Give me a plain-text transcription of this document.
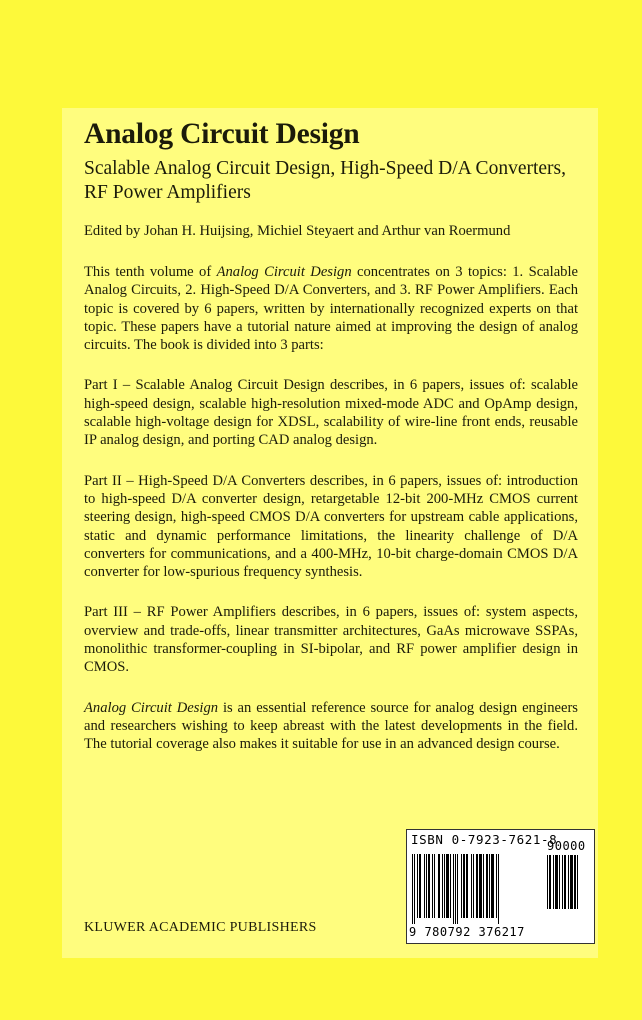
Analog Circuit Design

Scalable Analog Circuit Design, High-Speed D/A Converters, RF Power Amplifiers

Edited by Johan H. Huijsing, Michiel Steyaert and Arthur van Roermund

This tenth volume of Analog Circuit Design concentrates on 3 topics: 1. Scalable Analog Circuits, 2. High-Speed D/A Converters, and 3. RF Power Amplifiers. Each topic is covered by 6 papers, written by internationally recognized experts on that topic. These papers have a tutorial nature aimed at improving the design of analog circuits. The book is divided into 3 parts:

Part I – Scalable Analog Circuit Design describes, in 6 papers, issues of: scalable high-speed design, scalable high-resolution mixed-mode ADC and OpAmp design, scalable high-voltage design for XDSL, scalability of wire-line front ends, reusable IP analog design, and porting CAD analog design.

Part II – High-Speed D/A Converters describes, in 6 papers, issues of: introduction to high-speed D/A converter design, retargetable 12-bit 200-MHz CMOS current steering design, high-speed CMOS D/A converters for upstream cable applications, static and dynamic performance limitations, the linearity challenge of D/A converters for communications, and a 400-MHz, 10-bit charge-domain CMOS D/A converter for low-spurious frequency synthesis.

Part III – RF Power Amplifiers describes, in 6 papers, issues of: system aspects, overview and trade-offs, linear transmitter architectures, GaAs microwave SSPAs, monolithic transformer-coupling in SI-bipolar, and RF power amplifier design in CMOS.

Analog Circuit Design is an essential reference source for analog design engineers and researchers wishing to keep abreast with the latest developments in the field. The tutorial coverage also makes it suitable for use in an advanced design course.

KLUWER ACADEMIC PUBLISHERS
ISBN 0-7923-7621-8
9 780792 376217
90000
